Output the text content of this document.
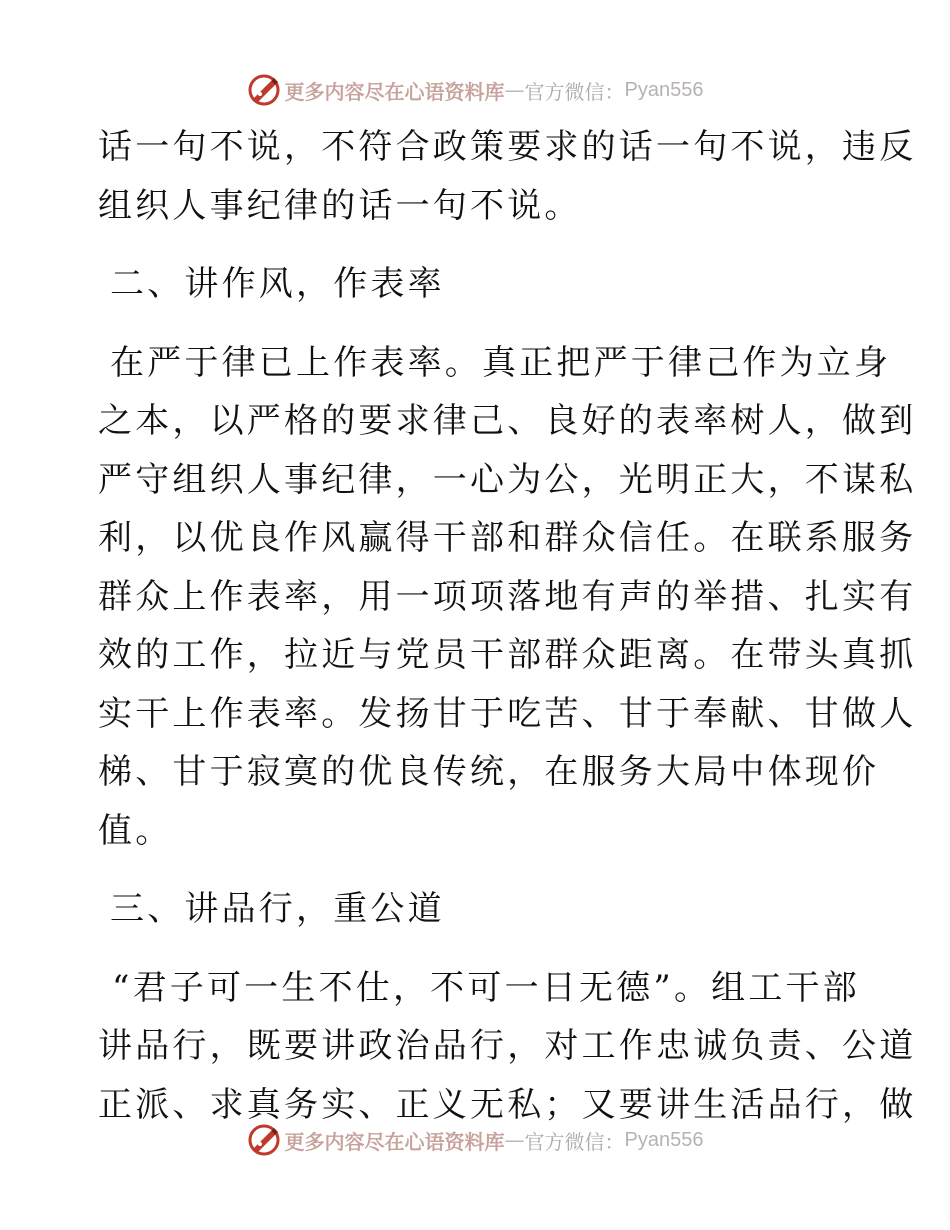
更多内容尽在心语资料库 — 官方微信： Pyan556
话一句不说，不符合政策要求的话一句不说，违反
组织人事纪律的话一句不说。
二、讲作风，作表率
在严于律已上作表率。真正把严于律己作为立身
之本，以严格的要求律己、良好的表率树人，做到
严守组织人事纪律，一心为公，光明正大，不谋私
利，以优良作风赢得干部和群众信任。在联系服务
群众上作表率，用一项项落地有声的举措、扎实有
效的工作，拉近与党员干部群众距离。在带头真抓
实干上作表率。发扬甘于吃苦、甘于奉献、甘做人
梯、甘于寂寞的优良传统，在服务大局中体现价
值。
三、讲品行，重公道
“君子可一生不仕，不可一日无德”。组工干部
讲品行，既要讲政治品行，对工作忠诚负责、公道
正派、求真务实、正义无私；又要讲生活品行，做
更多内容尽在心语资料库 — 官方微信： Pyan556
